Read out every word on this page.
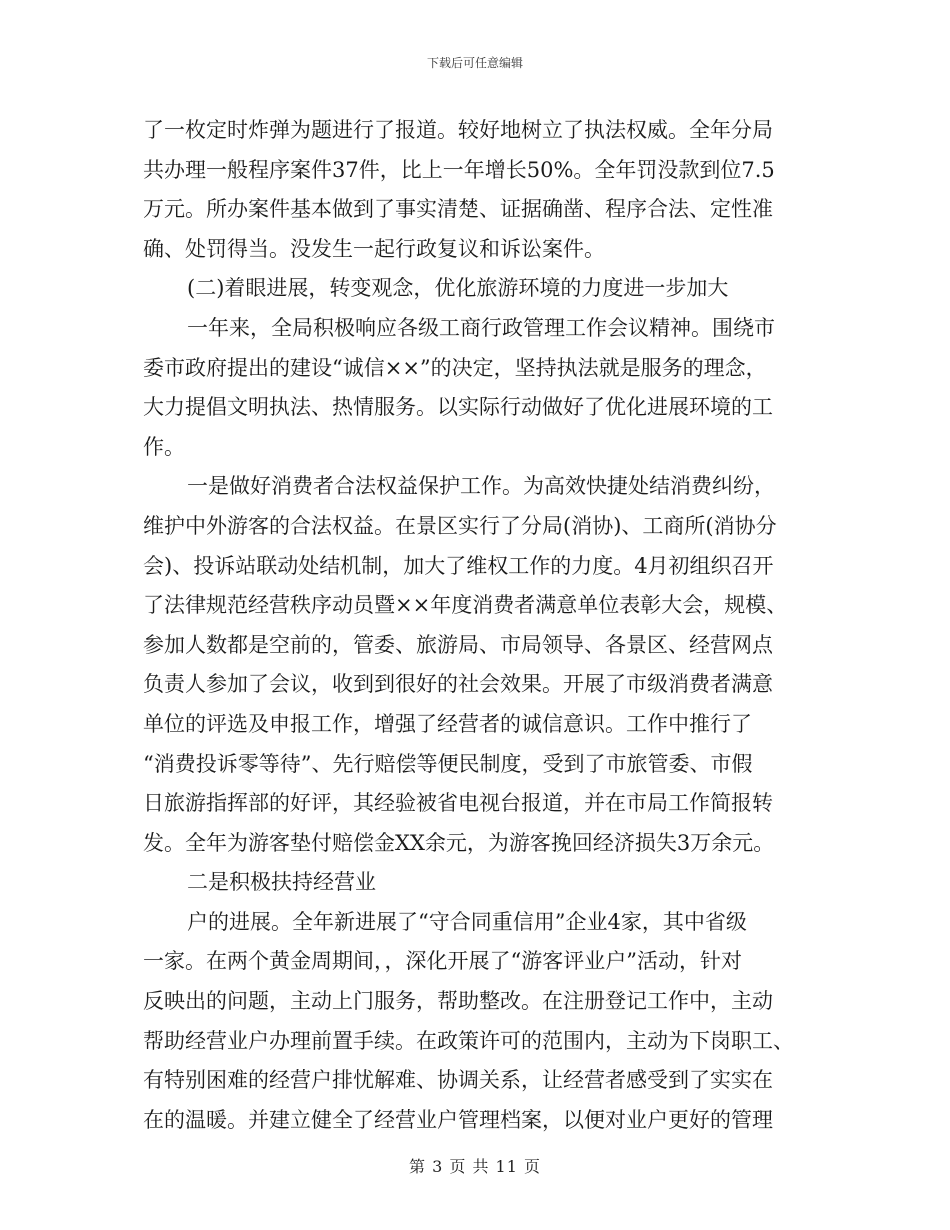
下载后可任意编辑
了一枚定时炸弹为题进行了报道。较好地树立了执法权威。全年分局
共办理一般程序案件37件，比上一年增长50%。全年罚没款到位7.5
万元。所办案件基本做到了事实清楚、证据确凿、程序合法、定性准
确、处罚得当。没发生一起行政复议和诉讼案件。
(二)着眼进展，转变观念，优化旅游环境的力度进一步加大
一年来，全局积极响应各级工商行政管理工作会议精神。围绕市
委市政府提出的建设“诚信××”的决定，坚持执法就是服务的理念，
大力提倡文明执法、热情服务。以实际行动做好了优化进展环境的工
作。
一是做好消费者合法权益保护工作。为高效快捷处结消费纠纷，
维护中外游客的合法权益。在景区实行了分局(消协)、工商所(消协分
会)、投诉站联动处结机制，加大了维权工作的力度。4月初组织召开
了法律规范经营秩序动员暨××年度消费者满意单位表彰大会，规模、
参加人数都是空前的，管委、旅游局、市局领导、各景区、经营网点
负责人参加了会议，收到到很好的社会效果。开展了市级消费者满意
单位的评选及申报工作，增强了经营者的诚信意识。工作中推行了
“消费投诉零等待”、先行赔偿等便民制度，受到了市旅管委、市假
日旅游指挥部的好评，其经验被省电视台报道，并在市局工作简报转
发。全年为游客垫付赔偿金XX余元，为游客挽回经济损失3万余元。
二是积极扶持经营业
户的进展。全年新进展了“守合同重信用”企业4家，其中省级
一家。在两个黄金周期间，，深化开展了“游客评业户”活动，针对
反映出的问题，主动上门服务，帮助整改。在注册登记工作中，主动
帮助经营业户办理前置手续。在政策许可的范围内，主动为下岗职工、
有特别困难的经营户排忧解难、协调关系，让经营者感受到了实实在
在的温暖。并建立健全了经营业户管理档案，以便对业户更好的管理
第 3 页 共 11 页
